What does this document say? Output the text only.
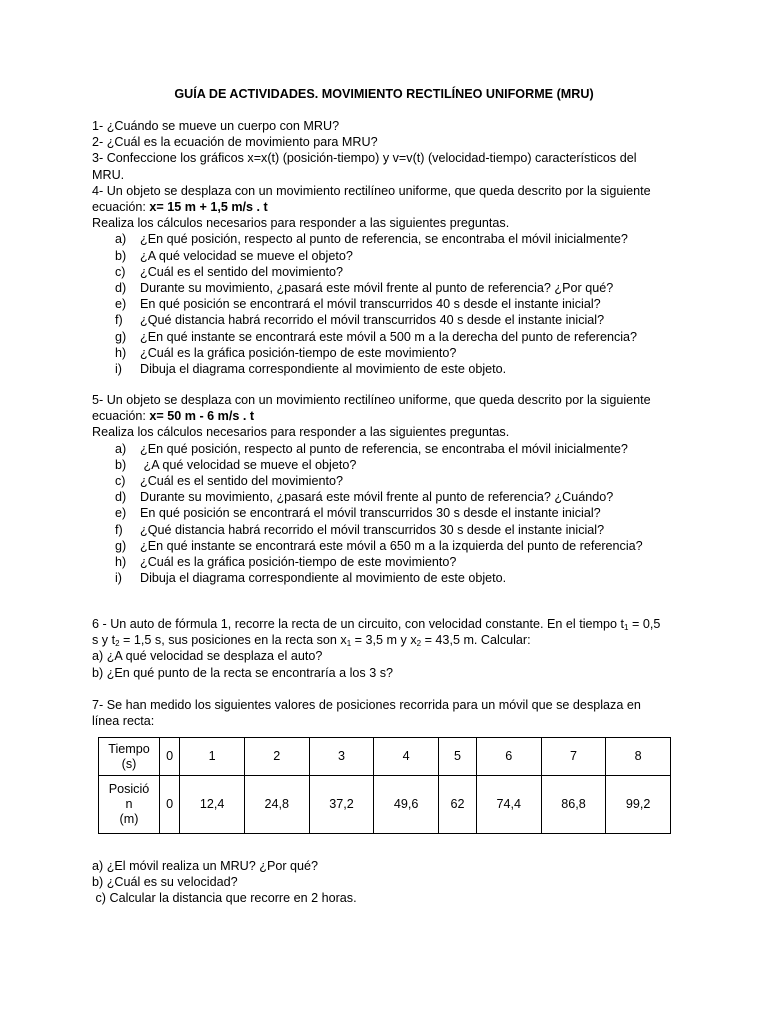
GUÍA DE ACTIVIDADES. MOVIMIENTO RECTILÍNEO UNIFORME (MRU)
1- ¿Cuándo se mueve un cuerpo con MRU?
2- ¿Cuál es la ecuación de movimiento para MRU?
3- Confeccione los gráficos x=x(t) (posición-tiempo) y v=v(t) (velocidad-tiempo) característicos del
MRU.
4- Un objeto se desplaza con un movimiento rectilíneo uniforme, que queda descrito por la siguiente
ecuación: x= 15 m + 1,5 m/s . t
Realiza los cálculos necesarios para responder a las siguientes preguntas.
a)	¿En qué posición, respecto al punto de referencia, se encontraba el móvil inicialmente?
b)	¿A qué velocidad se mueve el objeto?
c)	¿Cuál es el sentido del movimiento?
d)	Durante su movimiento, ¿pasará este móvil frente al punto de referencia? ¿Por qué?
e)	En qué posición se encontrará el móvil transcurridos 40 s desde el instante inicial?
f)	¿Qué distancia habrá recorrido el móvil transcurridos 40 s desde el instante inicial?
g)	¿En qué instante se encontrará este móvil a 500 m a la derecha del punto de referencia?
h)	¿Cuál es la gráfica posición-tiempo de este movimiento?
i)	Dibuja el diagrama correspondiente al movimiento de este objeto.
5- Un objeto se desplaza con un movimiento rectilíneo uniforme, que queda descrito por la siguiente
ecuación: x= 50 m - 6 m/s . t
Realiza los cálculos necesarios para responder a las siguientes preguntas.
a)	¿En qué posición, respecto al punto de referencia, se encontraba el móvil inicialmente?
b)	¿A qué velocidad se mueve el objeto?
c)	¿Cuál es el sentido del movimiento?
d)	Durante su movimiento, ¿pasará este móvil frente al punto de referencia? ¿Cuándo?
e)	En qué posición se encontrará el móvil transcurridos 30 s desde el instante inicial?
f)	¿Qué distancia habrá recorrido el móvil transcurridos 30 s desde el instante inicial?
g)	¿En qué instante se encontrará este móvil a 650 m a la izquierda del punto de referencia?
h)	¿Cuál es la gráfica posición-tiempo de este movimiento?
i)	Dibuja el diagrama correspondiente al movimiento de este objeto.
6 - Un auto de fórmula 1, recorre la recta de un circuito, con velocidad constante. En el tiempo $t_1 = 0,5$
s y $t_2 = 1,5$ s, sus posiciones en la recta son $x_1 = 3,5$ m y $x_2 = 43,5$ m. Calcular:
a) ¿A qué velocidad se desplaza el auto?
b) ¿En qué punto de la recta se encontraría a los 3 s?
7- Se han medido los siguientes valores de posiciones recorrida para un móvil que se desplaza en
línea recta:
Tiempo
(s)	0	1	2	3	4	5	6	7	8
Posició
n
(m)	0	12,4	24,8	37,2	49,6	62	74,4	86,8	99,2
a) ¿El móvil realiza un MRU? ¿Por qué?
b) ¿Cuál es su velocidad?
c) Calcular la distancia que recorre en 2 horas.
